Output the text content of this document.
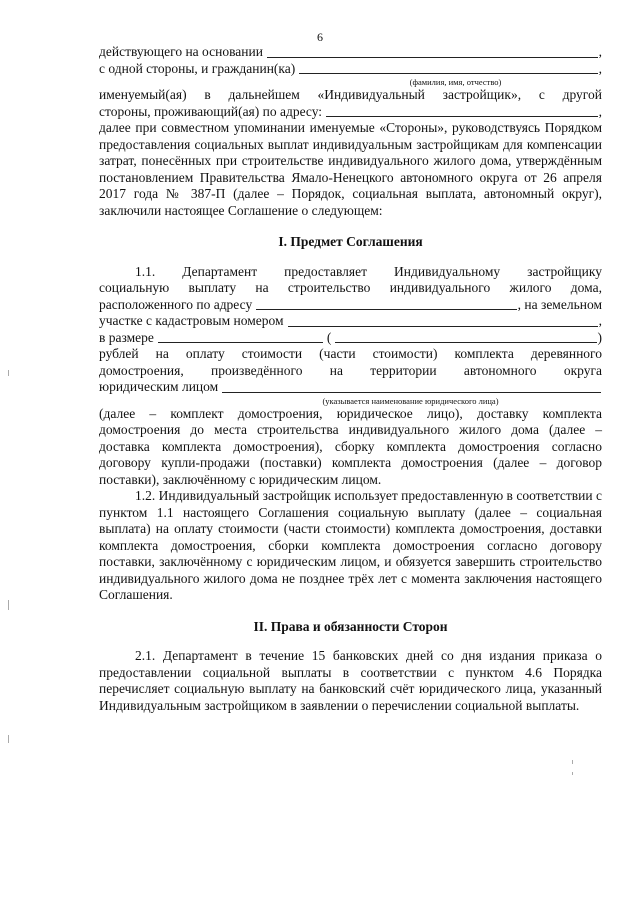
6
действующего на основании	,
с одной стороны, и гражданин(ка)	,
(фамилия, имя, отчество)

именуемый(ая) в дальнейшем «Индивидуальный застройщик», с другой

стороны, проживающий(ая) по адресу:	,

далее при совместном упоминании именуемые «Стороны», руководствуясь Порядком предоставления социальных выплат индивидуальным застройщикам для компенсации затрат, понесённых при строительстве индивидуального жилого дома, утверждённым постановлением Правительства Ямало-Ненецкого автономного округа от 26 апреля 2017 года № 387-П (далее – Порядок, социальная выплата, автономный округ), заключили настоящее Соглашение о следующем:

I. Предмет Соглашения

1.1. Департамент предоставляет Индивидуальному застройщику

социальную выплату на строительство индивидуального жилого дома,

расположенного по адресу	, на земельном
участке с кадастровым номером	,
в размере	(	)

рублей на оплату стоимости (части стоимости) комплекта деревянного

домостроения, произведённого на территории автономного округа

юридическим лицом
(указывается наименование юридического лица)

(далее – комплект домостроения, юридическое лицо), доставку комплекта домостроения до места строительства индивидуального жилого дома (далее – доставка комплекта домостроения), сборку комплекта домостроения согласно договору купли-продажи (поставки) комплекта домостроения (далее – договор поставки), заключённому с юридическим лицом.

1.2. Индивидуальный застройщик использует предоставленную в соответствии с пунктом 1.1 настоящего Соглашения социальную выплату (далее – социальная выплата) на оплату стоимости (части стоимости) комплекта домостроения, доставки комплекта домостроения, сборки комплекта домостроения согласно договору поставки, заключённому с юридическим лицом, и обязуется завершить строительство индивидуального жилого дома не позднее трёх лет с момента заключения настоящего Соглашения.

II. Права и обязанности Сторон

2.1. Департамент в течение 15 банковских дней со дня издания приказа о предоставлении социальной выплаты в соответствии с пунктом 4.6 Порядка перечисляет социальную выплату на банковский счёт юридического лица, указанный Индивидуальным застройщиком в заявлении о перечислении социальной выплаты.
